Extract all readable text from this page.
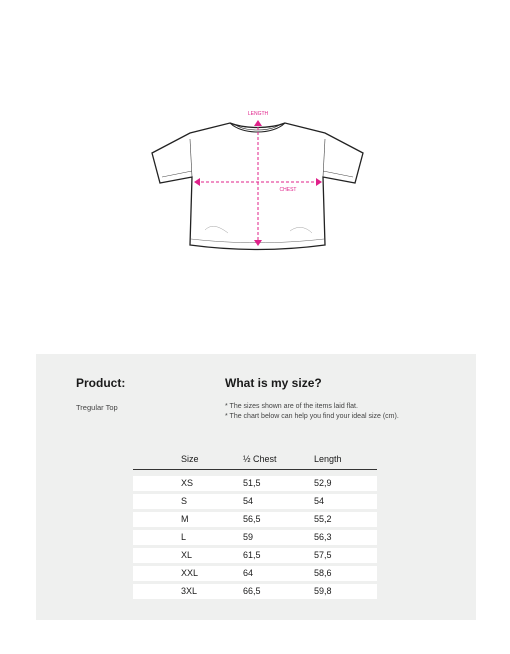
LENGTH
CHEST
Product:	What is my size?
Tregular Top	* The sizes shown are of the items laid flat.
* The chart below can help you find your ideal size (cm).
Size	½ Chest	Length
XS	51,5	52,9
S	54	54
M	56,5	55,2
L	59	56,3
XL	61,5	57,5
XXL	64	58,6
3XL	66,5	59,8
